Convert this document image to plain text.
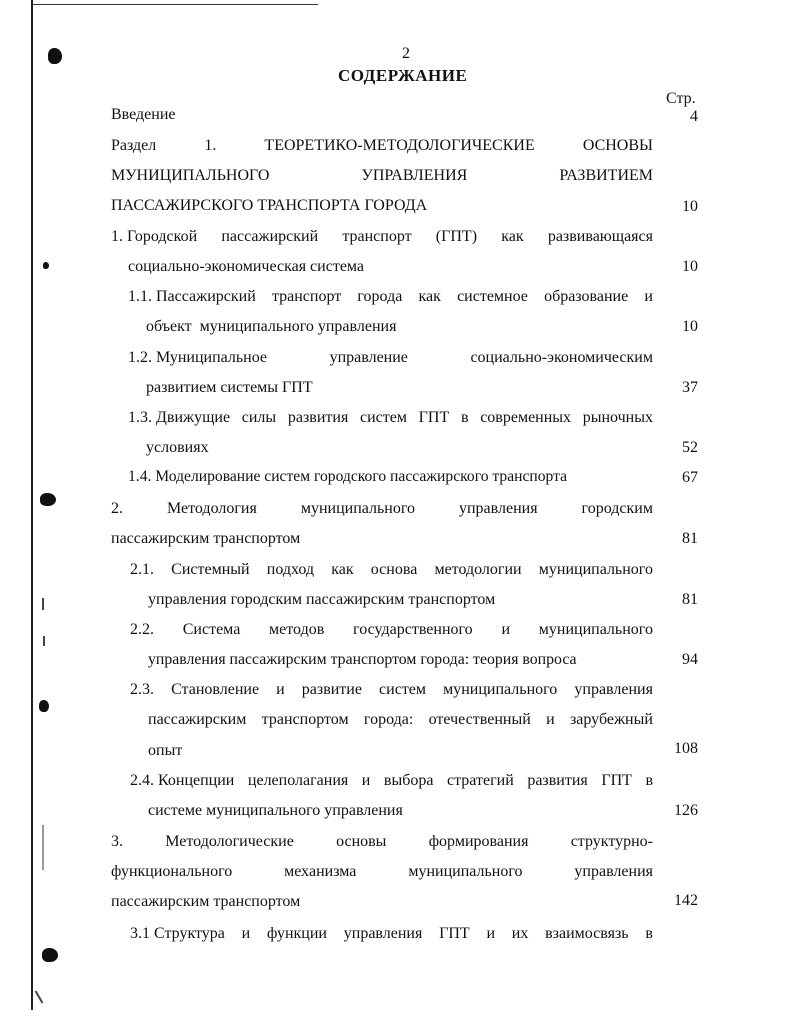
2
СОДЕРЖАНИЕ
Стр.
Введение	4
Раздел	1.	ТЕОРЕТИКО-МЕТОДОЛОГИЧЕСКИЕ	ОСНОВЫ
МУНИЦИПАЛЬНОГО	УПРАВЛЕНИЯ	РАЗВИТИЕМ
ПАССАЖИРСКОГО ТРАНСПОРТА ГОРОДА	10
1. Городской пассажирский транспорт (ГПТ) как развивающаяся
социально-экономическая система	10
1.1. Пассажирский транспорт города как системное образование и
объект  муниципального управления	10
1.2. Муниципальное	управление	социально-экономическим
развитием системы ГПТ	37
1.3. Движущие силы развития систем ГПТ в современных рыночных
условиях	52
1.4. Моделирование систем городского пассажирского транспорта	67
2.	Методология	муниципального	управления	городским
пассажирским транспортом	81
2.1. Системный подход как основа методологии муниципального
управления городским пассажирским транспортом	81
2.2. Система методов государственного и муниципального
управления пассажирским транспортом города: теория вопроса	94
2.3. Становление и развитие систем муниципального управления
пассажирским транспортом города: отечественный и зарубежный
опыт	108
2.4. Концепции целеполагания и выбора стратегий развития ГПТ в
системе муниципального управления	126
3.	Методологические	основы	формирования	структурно-
функционального	механизма	муниципального	управления
пассажирским транспортом	142
3.1 Структура и функции управления ГПТ и их взаимосвязь в
